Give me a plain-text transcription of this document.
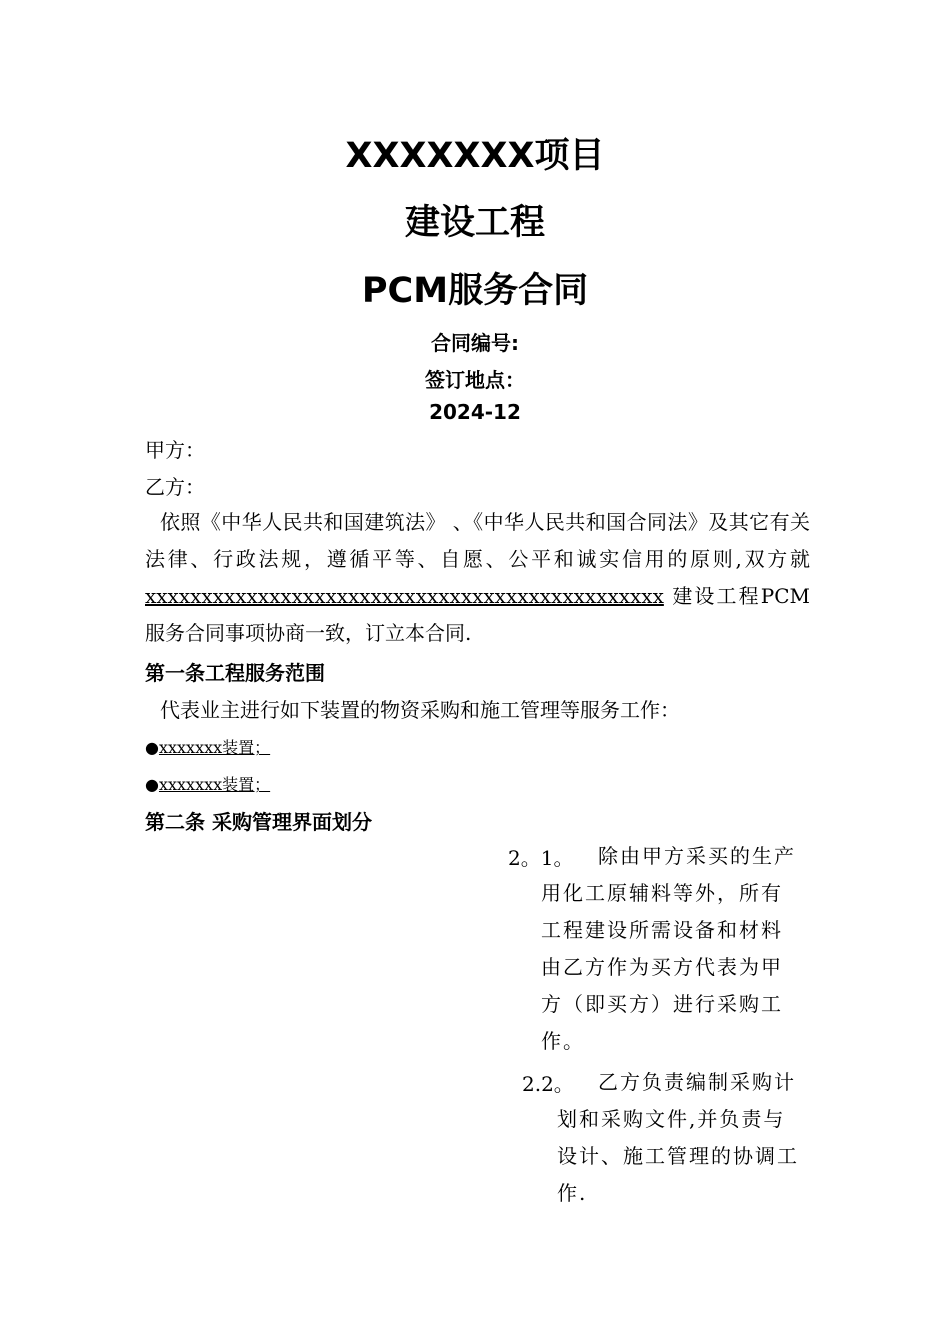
XXXXXXX项目
建设工程
PCM服务合同
合同编号:
签订地点：
2024-12
甲方：
乙方：
依照《中华人民共和国建筑法》 、《中华人民共和国合同法》及其它有关法律、行政法规，遵循平等、自愿、公平和诚实信用的原则,双方就 xxxxxxxxxxxxxxxxxxxxxxxxxxxxxxxxxxxxxxxxxxxxxx 建设工程PCM服务合同事项协商一致，订立本合同.
第一条工程服务范围
代表业主进行如下装置的物资采购和施工管理等服务工作：
●xxxxxxx装置；
●xxxxxxx装置；
第二条 采购管理界面划分
2。1。 除由甲方采买的生产
用化工原辅料等外，所有
工程建设所需设备和材料
由乙方作为买方代表为甲
方（即买方）进行采购工
作。
2.2。 乙方负责编制采购计
划和采购文件,并负责与
设计、施工管理的协调工
作.
